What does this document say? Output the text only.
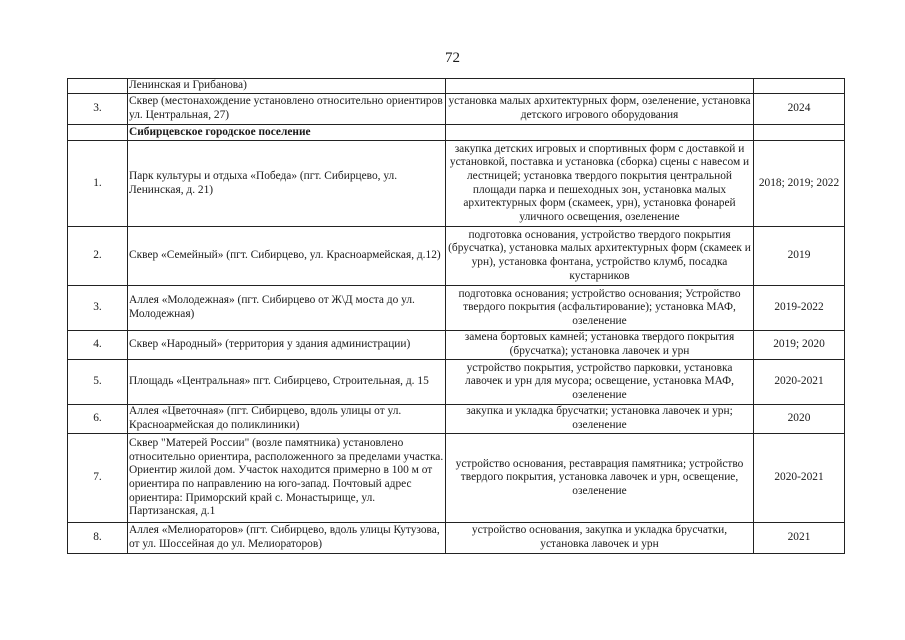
72
	Ленинская и Грибанова)		
3.	Сквер (местонахождение установлено относительно ориентиров ул. Центральная, 27)	установка малых архитектурных форм, озеленение, установка детского игрового оборудования	2024
	Сибирцевское городское поселение		
1.	Парк культуры и отдыха «Победа» (пгт. Сибирцево, ул. Ленинская, д. 21)	закупка детских игровых и спортивных форм с доставкой и установкой, поставка и установка (сборка) сцены с навесом и лестницей; установка твердого покрытия центральной площади парка и пешеходных зон, установка малых архитектурных форм (скамеек, урн), установка фонарей уличного освещения, озеленение	2018; 2019; 2022
2.	Сквер «Семейный» (пгт. Сибирцево, ул. Красноармейская, д.12)	подготовка основания, устройство твердого покрытия (брусчатка), установка малых архитектурных форм (скамеек и урн), установка фонтана, устройство клумб, посадка кустарников	2019
3.	Аллея «Молодежная» (пгт. Сибирцево от Ж\Д моста до ул. Молодежная)	подготовка основания; устройство основания; Устройство твердого покрытия (асфальтирование); установка МАФ, озеленение	2019-2022
4.	Сквер «Народный» (территория у здания администрации)	замена бортовых камней; установка твердого покрытия (брусчатка); установка лавочек и урн	2019; 2020
5.	Площадь «Центральная» пгт. Сибирцево, Строительная, д. 15	устройство покрытия, устройство парковки, установка лавочек и урн для мусора; освещение, установка МАФ, озеленение	2020-2021
6.	Аллея «Цветочная» (пгт. Сибирцево, вдоль улицы от ул. Красноармейская до поликлиники)	закупка и укладка брусчатки; установка лавочек и урн; озеленение	2020
7.	Сквер "Матерей России" (возле памятника) установлено относительно ориентира, расположенного за пределами участка. Ориентир жилой дом. Участок находится примерно в 100 м от ориентира по направлению на юго-запад. Почтовый адрес ориентира: Приморский край с. Монастырище, ул. Партизанская, д.1	устройство основания, реставрация памятника; устройство твердого покрытия, установка лавочек и урн, освещение, озеленение	2020-2021
8.	Аллея «Мелиораторов» (пгт. Сибирцево, вдоль улицы Кутузова, от ул. Шоссейная до ул. Мелиораторов)	устройство основания, закупка и укладка брусчатки, установка лавочек и урн	2021
